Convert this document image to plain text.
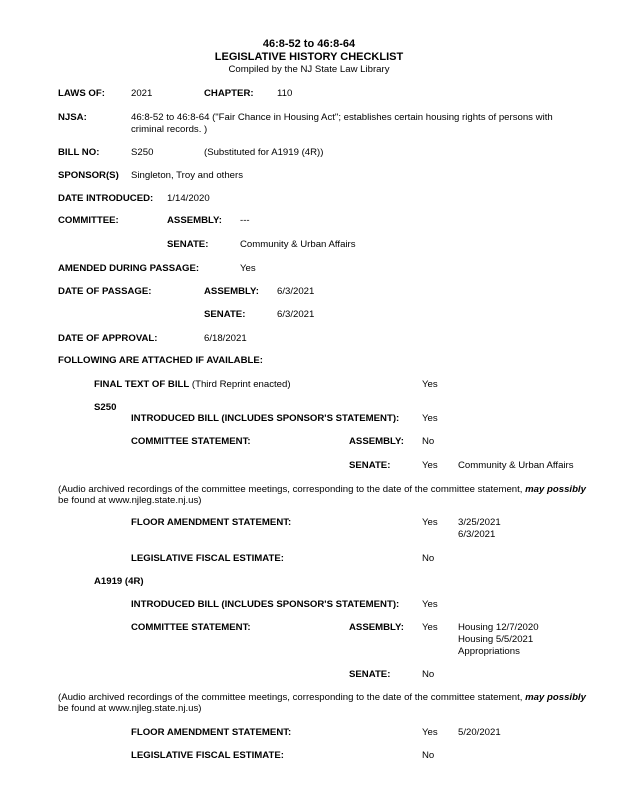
46:8-52 to 46:8-64
LEGISLATIVE HISTORY CHECKLIST
Compiled by the NJ State Law Library
LAWS OF:	2021	CHAPTER: 110
NJSA:	46:8-52 to 46:8-64 ("Fair Chance in Housing Act"; establishes certain housing rights of persons with criminal records. )
BILL NO:	S250	(Substituted for A1919 (4R))
SPONSOR(S) Singleton, Troy and others
DATE INTRODUCED: 1/14/2020
COMMITTEE:	ASSEMBLY: ---
SENATE:	Community & Urban Affairs
AMENDED DURING PASSAGE:	Yes
DATE OF PASSAGE:	ASSEMBLY: 6/3/2021
SENATE:	6/3/2021
DATE OF APPROVAL:	6/18/2021
FOLLOWING ARE ATTACHED IF AVAILABLE:
FINAL TEXT OF BILL (Third Reprint enacted)	Yes
S250
INTRODUCED BILL (INCLUDES SPONSOR'S STATEMENT): Yes
COMMITTEE STATEMENT:	ASSEMBLY: No
SENATE:	Yes Community & Urban Affairs
(Audio archived recordings of the committee meetings, corresponding to the date of the committee statement, may possibly
be found at www.njleg.state.nj.us)
FLOOR AMENDMENT STATEMENT:	Yes 3/25/2021
6/3/2021
LEGISLATIVE FISCAL ESTIMATE:	No
A1919 (4R)
INTRODUCED BILL (INCLUDES SPONSOR'S STATEMENT): Yes
COMMITTEE STATEMENT:	ASSEMBLY: Yes Housing 12/7/2020
Housing 5/5/2021
Appropriations
SENATE:	No
(Audio archived recordings of the committee meetings, corresponding to the date of the committee statement, may possibly
be found at www.njleg.state.nj.us)
FLOOR AMENDMENT STATEMENT:	Yes 5/20/2021
LEGISLATIVE FISCAL ESTIMATE:	No
